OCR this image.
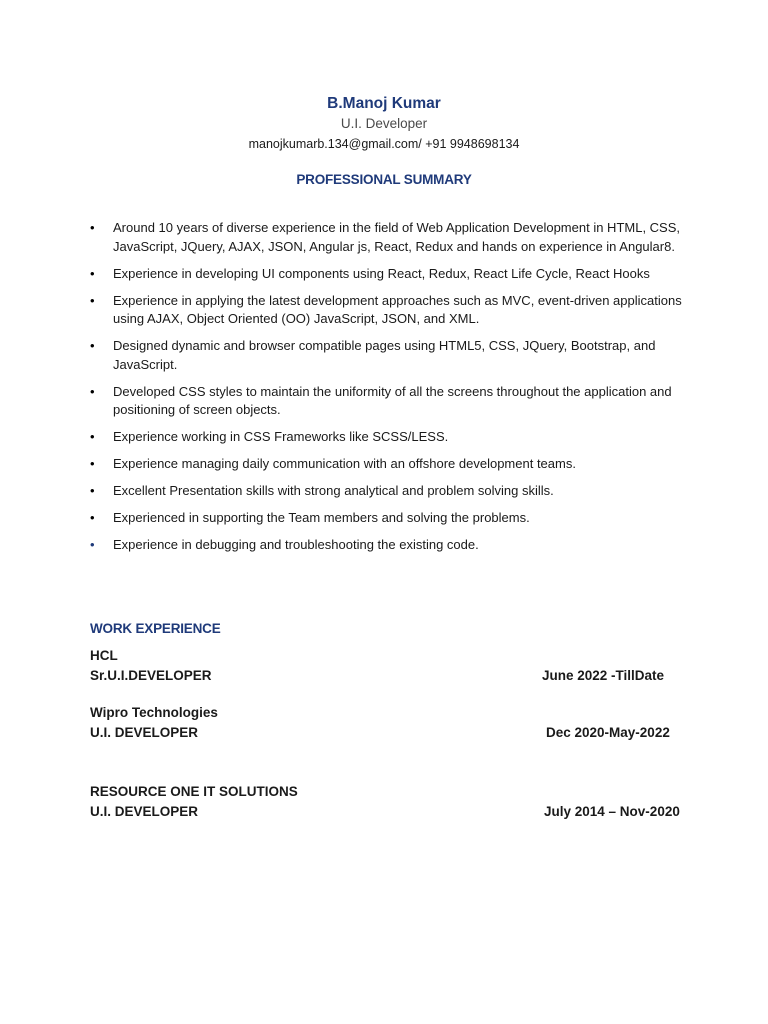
B.Manoj Kumar
U.I. Developer
manojkumarb.134@gmail.com/ +91 9948698134
PROFESSIONAL SUMMARY
• Around 10 years of diverse experience in the field of Web Application Development in HTML, CSS, JavaScript, JQuery, AJAX, JSON, Angular js, React, Redux and hands on experience in Angular8.
• Experience in developing UI components using React, Redux, React Life Cycle, React Hooks
• Experience in applying the latest development approaches such as MVC, event-driven applications using AJAX, Object Oriented (OO) JavaScript, JSON, and XML.
• Designed dynamic and browser compatible pages using HTML5, CSS, JQuery, Bootstrap, and JavaScript.
• Developed CSS styles to maintain the uniformity of all the screens throughout the application and positioning of screen objects.
• Experience working in CSS Frameworks like SCSS/LESS.
• Experience managing daily communication with an offshore development teams.
• Excellent Presentation skills with strong analytical and problem solving skills.
• Experienced in supporting the Team members and solving the problems.
• Experience in debugging and troubleshooting the existing code.
WORK EXPERIENCE
HCL
Sr.U.I.DEVELOPER	June 2022 -TillDate
Wipro Technologies
U.I. DEVELOPER	Dec 2020-May-2022
RESOURCE ONE IT SOLUTIONS
U.I. DEVELOPER	July 2014 – Nov-2020
